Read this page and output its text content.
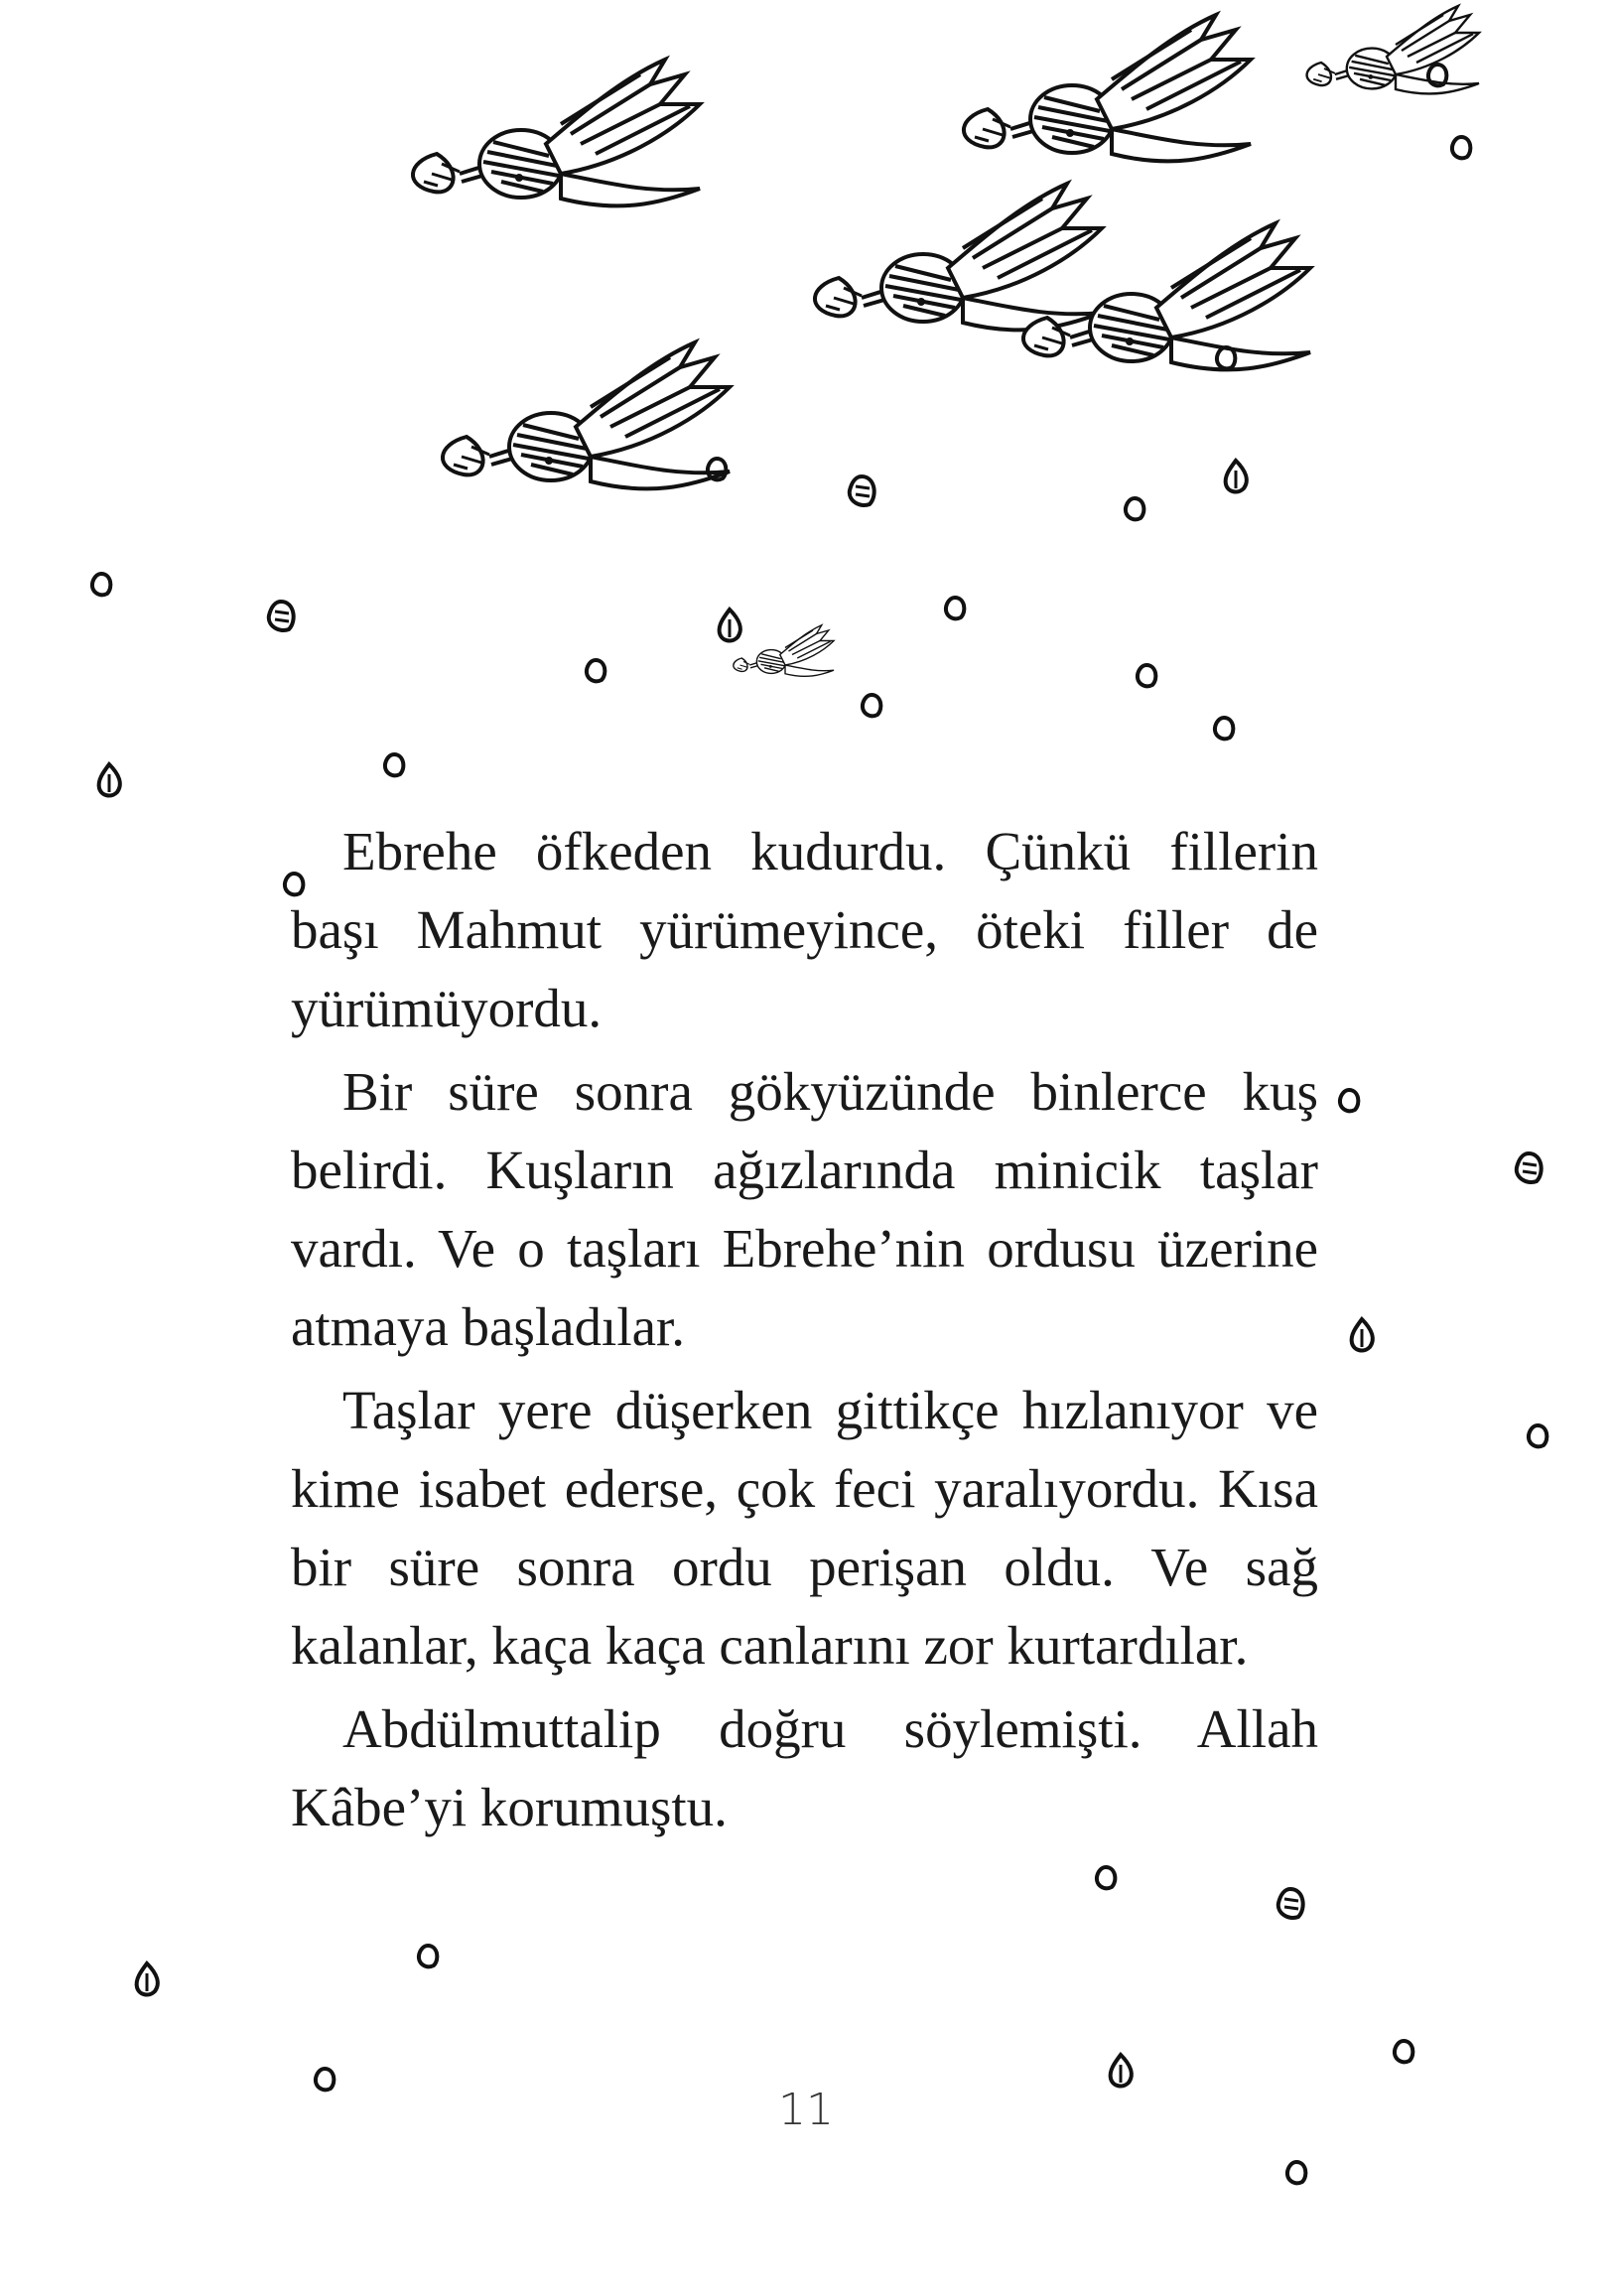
Ebrehe öfkeden kudurdu. Çünkü fillerin başı Mahmut yürümeyince, öteki filler de yürümüyordu.

Bir süre sonra gökyüzünde binlerce kuş belirdi. Kuşların ağızlarında minicik taşlar vardı. Ve o taşları Ebrehe’nin ordusu üzerine atmaya başladılar.

Taşlar yere düşerken gittikçe hızlanıyor ve kime isabet ederse, çok feci yaralıyordu. Kısa bir süre sonra ordu perişan oldu. Ve sağ kalanlar, kaça kaça canlarını zor kurtardılar.

Abdülmuttalip doğru söylemişti. Allah Kâbe’yi korumuştu.

11
